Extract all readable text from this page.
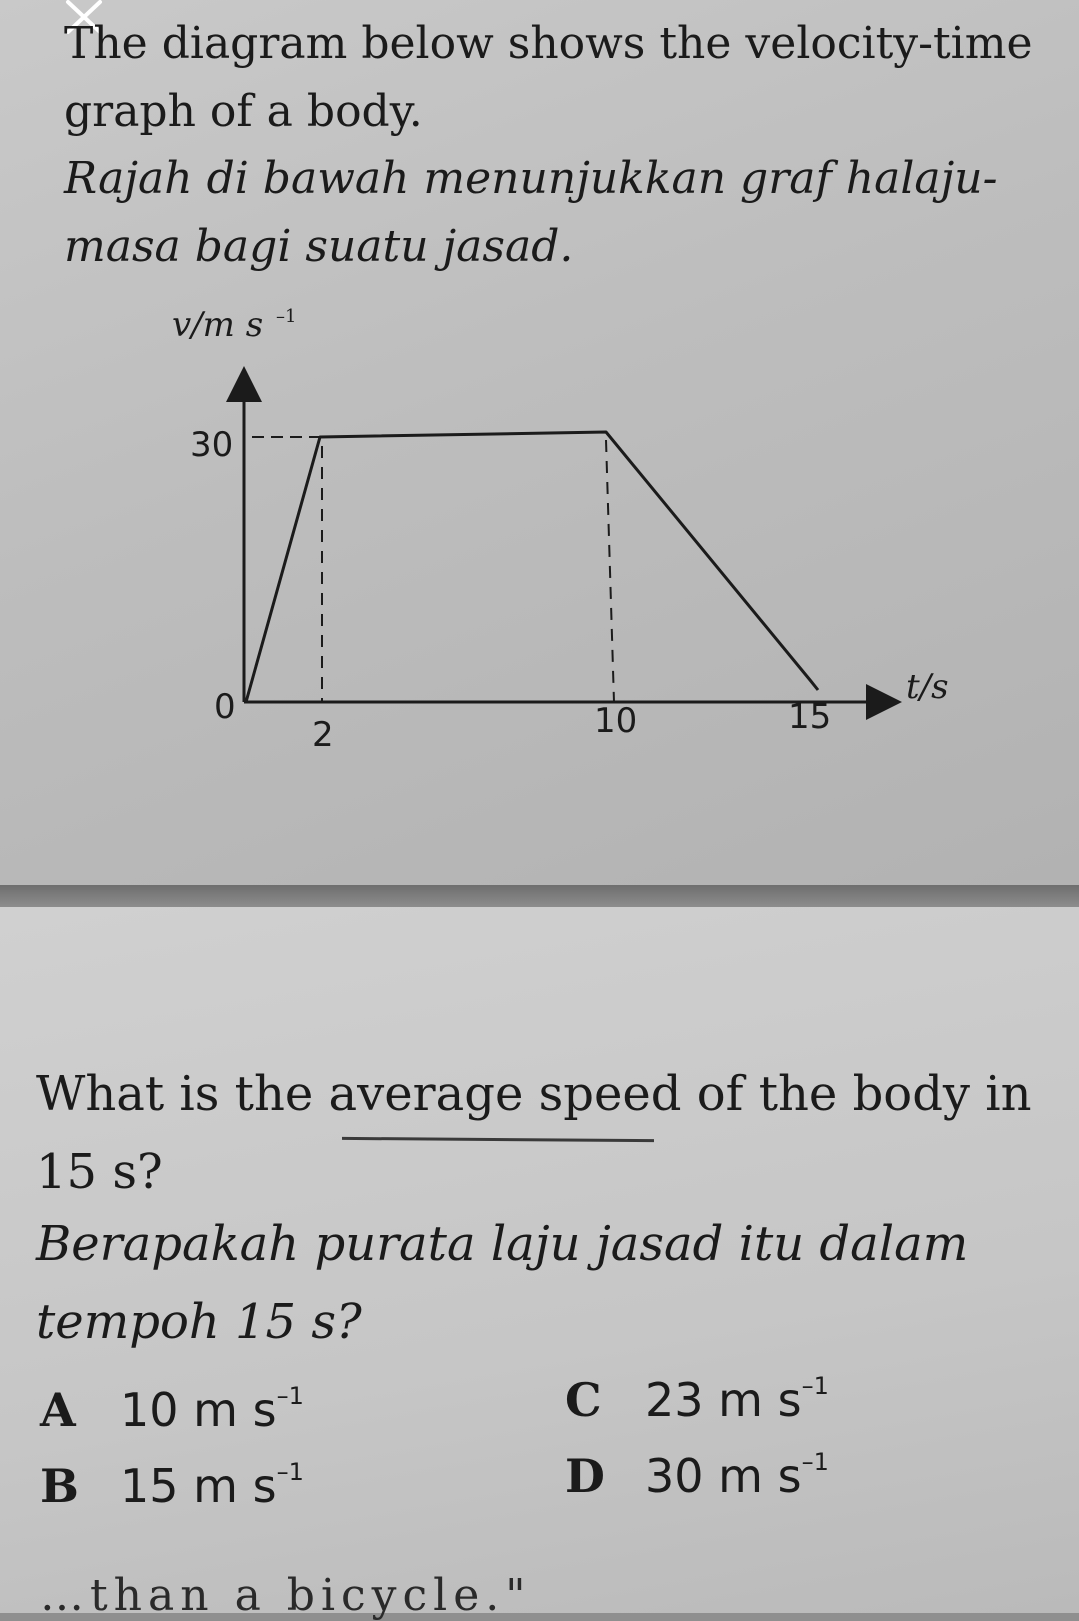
The diagram below shows the velocity-time graph of a body.
Rajah di bawah menunjukkan graf halaju-masa bagi suatu jasad.
v/m s –1
30
0
2	10	15
t/s
What is the average speed of the body in 15 s?
Berapakah purata laju jasad itu dalam tempoh 15 s?
A 10 m $s^{-1}$
B 15 m $s^{-1}$
C 23 m $s^{-1}$
D 30 m $s^{-1}$
…than a bicycle."
